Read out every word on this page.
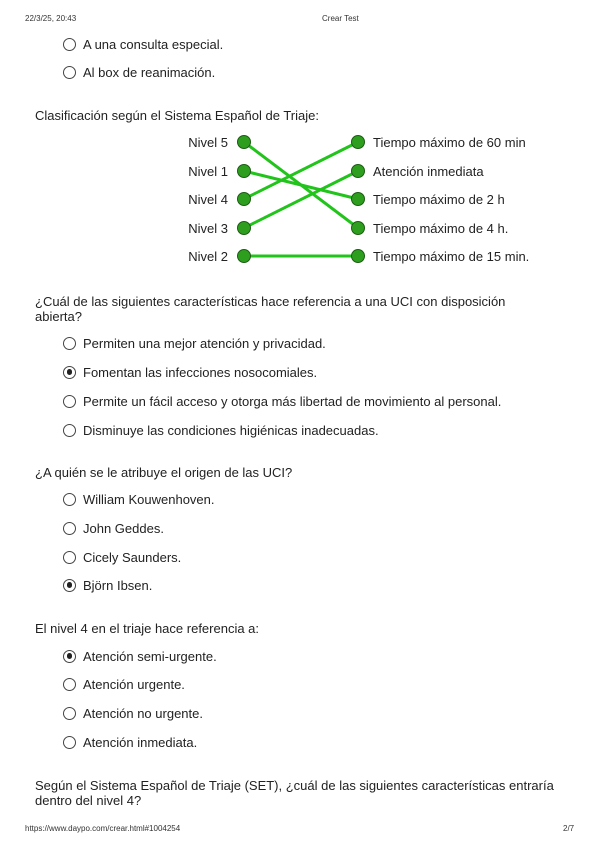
22/3/25, 20:43	Crear Test
A una consulta especial.
Al box de reanimación.
Clasificación según el Sistema Español de Triaje:
Nivel 5
Nivel 1
Nivel 4
Nivel 3
Nivel 2
Tiempo máximo de 60 min
Atención inmediata
Tiempo máximo de 2 h
Tiempo máximo de 4 h.
Tiempo máximo de 15 min.
¿Cuál de las siguientes características hace referencia a una UCI con disposición abierta?
Permiten una mejor atención y privacidad.
Fomentan las infecciones nosocomiales.
Permite un fácil acceso y otorga más libertad de movimiento al personal.
Disminuye las condiciones higiénicas inadecuadas.
¿A quién se le atribuye el origen de las UCI?
William Kouwenhoven.
John Geddes.
Cicely Saunders.
Björn Ibsen.
El nivel 4 en el triaje hace referencia a:
Atención semi-urgente.
Atención urgente.
Atención no urgente.
Atención inmediata.
Según el Sistema Español de Triaje (SET), ¿cuál de las siguientes características entraría dentro del nivel 4?
https://www.daypo.com/crear.html#1004254	2/7
